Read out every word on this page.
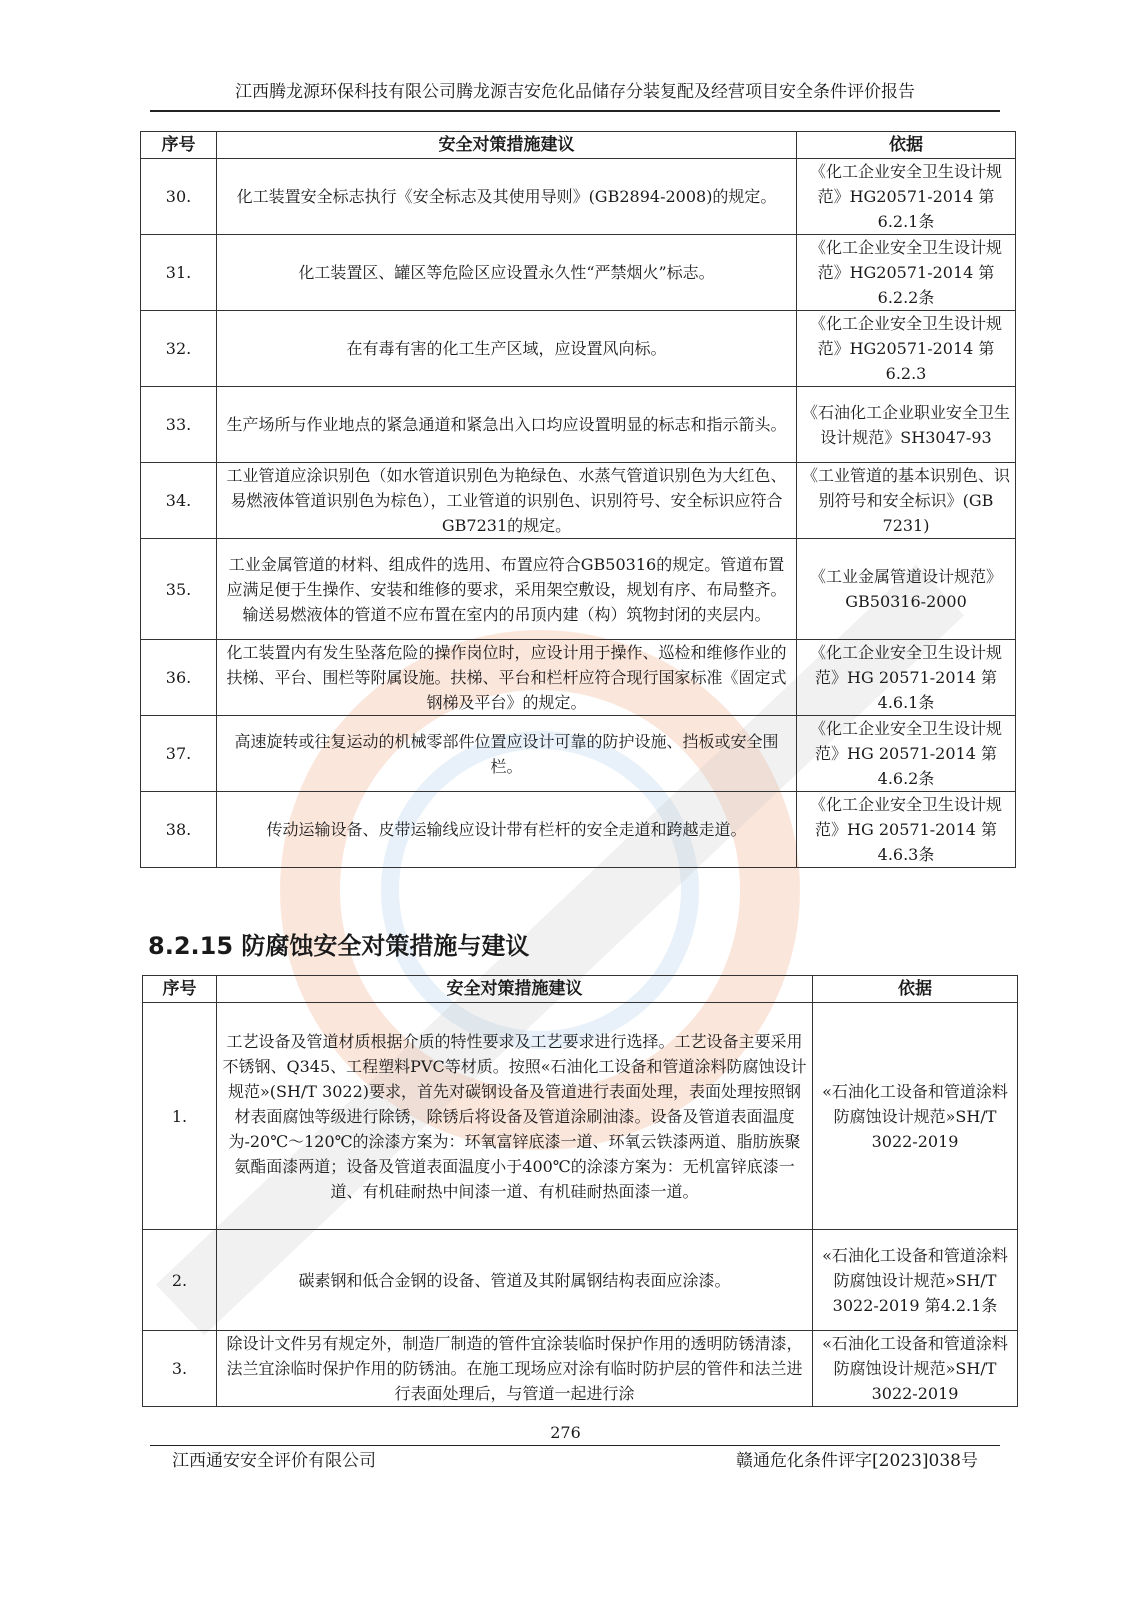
江西腾龙源环保科技有限公司腾龙源吉安危化品储存分装复配及经营项目安全条件评价报告
序号	安全对策措施建议	依据
30.	化工装置安全标志执行《安全标志及其使用导则》(GB2894-2008)的规定。	《化工企业安全卫生设计规范》HG20571-2014 第6.2.1条
31.	化工装置区、罐区等危险区应设置永久性“严禁烟火”标志。	《化工企业安全卫生设计规范》HG20571-2014 第6.2.2条
32.	在有毒有害的化工生产区域，应设置风向标。	《化工企业安全卫生设计规范》HG20571-2014 第6.2.3
33.	生产场所与作业地点的紧急通道和紧急出入口均应设置明显的标志和指示箭头。	《石油化工企业职业安全卫生设计规范》SH3047-93
34.	工业管道应涂识别色（如水管道识别色为艳绿色、水蒸气管道识别色为大红色、易燃液体管道识别色为棕色），工业管道的识别色、识别符号、安全标识应符合GB7231的规定。	《工业管道的基本识别色、识别符号和安全标识》(GB 7231)
35.	工业金属管道的材料、组成件的选用、布置应符合GB50316的规定。管道布置应满足便于生操作、安装和维修的要求，采用架空敷设，规划有序、布局整齐。输送易燃液体的管道不应布置在室内的吊顶内建（构）筑物封闭的夹层内。	《工业金属管道设计规范》GB50316-2000
36.	化工装置内有发生坠落危险的操作岗位时，应设计用于操作、巡检和维修作业的扶梯、平台、围栏等附属设施。扶梯、平台和栏杆应符合现行国家标准《固定式钢梯及平台》的规定。	《化工企业安全卫生设计规范》HG 20571-2014 第4.6.1条
37.	高速旋转或往复运动的机械零部件位置应设计可靠的防护设施、挡板或安全围栏。	《化工企业安全卫生设计规范》HG 20571-2014 第4.6.2条
38.	传动运输设备、皮带运输线应设计带有栏杆的安全走道和跨越走道。	《化工企业安全卫生设计规范》HG 20571-2014 第4.6.3条
8.2.15 防腐蚀安全对策措施与建议
序号	安全对策措施建议	依据
1.	工艺设备及管道材质根据介质的特性要求及工艺要求进行选择。工艺设备主要采用不锈钢、Q345、工程塑料PVC等材质。按照«石油化工设备和管道涂料防腐蚀设计规范»(SH/T 3022)要求，首先对碳钢设备及管道进行表面处理，表面处理按照钢材表面腐蚀等级进行除锈，除锈后将设备及管道涂刷油漆。设备及管道表面温度为-20℃～120℃的涂漆方案为：环氧富锌底漆一道、环氧云铁漆两道、脂肪族聚氨酯面漆两道；设备及管道表面温度小于400℃的涂漆方案为：无机富锌底漆一道、有机硅耐热中间漆一道、有机硅耐热面漆一道。	«石油化工设备和管道涂料防腐蚀设计规范»SH/T 3022-2019
2.	碳素钢和低合金钢的设备、管道及其附属钢结构表面应涂漆。	«石油化工设备和管道涂料防腐蚀设计规范»SH/T 3022-2019 第4.2.1条
3.	除设计文件另有规定外，制造厂制造的管件宜涂装临时保护作用的透明防锈清漆，法兰宜涂临时保护作用的防锈油。在施工现场应对涂有临时防护层的管件和法兰进行表面处理后，与管道一起进行涂	«石油化工设备和管道涂料防腐蚀设计规范»SH/T 3022-2019
276
江西通安安全评价有限公司	赣通危化条件评字[2023]038号
